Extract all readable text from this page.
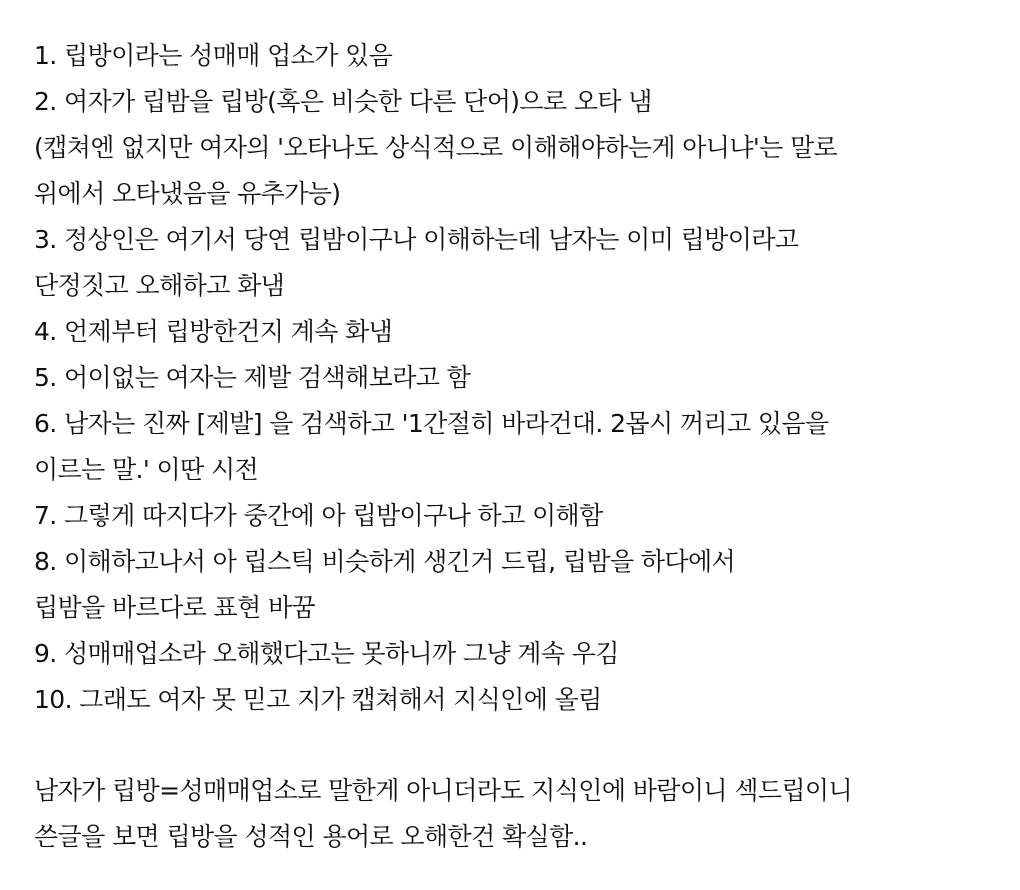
1. 립방이라는 성매매 업소가 있음
2. 여자가 립밤을 립방(혹은 비슷한 다른 단어)으로 오타 냄
(캡쳐엔 없지만 여자의 '오타나도 상식적으로 이해해야하는게 아니냐'는 말로
위에서 오타냈음을 유추가능)
3. 정상인은 여기서 당연 립밤이구나 이해하는데 남자는 이미 립방이라고
단정짓고 오해하고 화냄
4. 언제부터 립방한건지 계속 화냄
5. 어이없는 여자는 제발 검색해보라고 함
6. 남자는 진짜 [제발] 을 검색하고 '1간절히 바라건대. 2몹시 꺼리고 있음을
이르는 말.' 이딴 시전
7. 그렇게 따지다가 중간에 아 립밤이구나 하고 이해함
8. 이해하고나서 아 립스틱 비슷하게 생긴거 드립, 립밤을 하다에서
립밤을 바르다로 표현 바꿈
9. 성매매업소라 오해했다고는 못하니까 그냥 계속 우김
10. 그래도 여자 못 믿고 지가 캡쳐해서 지식인에 올림
남자가 립방=성매매업소로 말한게 아니더라도 지식인에 바람이니 섹드립이니
쓴글을 보면 립방을 성적인 용어로 오해한건 확실함..
